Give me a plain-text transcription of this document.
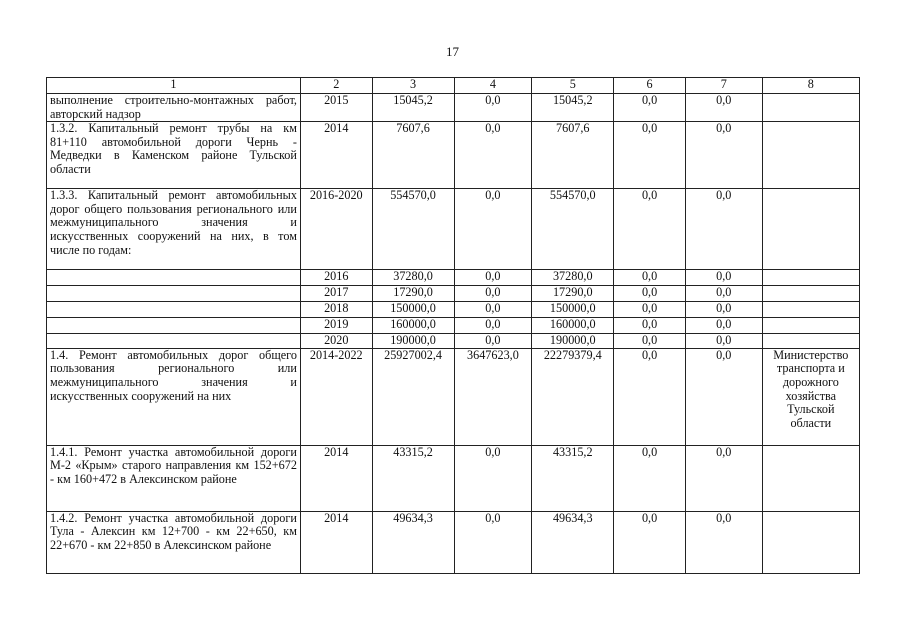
17
1	2	3	4	5	6	7	8
выполнение строительно-монтажных работ, авторский надзор	2015	15045,2	0,0	15045,2	0,0	0,0	
1.3.2. Капитальный ремонт трубы на км 81+110 автомобильной дороги Чернь - Медведки в Каменском районе Тульской области	2014	7607,6	0,0	7607,6	0,0	0,0	
1.3.3. Капитальный ремонт автомобильных дорог общего пользования регионального или межмуниципального значения и искусственных сооружений на них, в том числе по годам:	2016-2020	554570,0	0,0	554570,0	0,0	0,0	
	2016	37280,0	0,0	37280,0	0,0	0,0	
	2017	17290,0	0,0	17290,0	0,0	0,0	
	2018	150000,0	0,0	150000,0	0,0	0,0	
	2019	160000,0	0,0	160000,0	0,0	0,0	
	2020	190000,0	0,0	190000,0	0,0	0,0	
1.4. Ремонт автомобильных дорог общего пользования регионального или межмуниципального значения и искусственных сооружений на них	2014-2022	25927002,4	3647623,0	22279379,4	0,0	0,0	Министерство транспорта и дорожного хозяйства Тульской области
1.4.1. Ремонт участка автомобильной дороги М-2 «Крым» старого направления км 152+672 - км 160+472 в Алексинском районе	2014	43315,2	0,0	43315,2	0,0	0,0	
1.4.2. Ремонт участка автомобильной дороги Тула - Алексин км 12+700 - км 22+650, км 22+670 - км 22+850 в Алексинском районе	2014	49634,3	0,0	49634,3	0,0	0,0	
